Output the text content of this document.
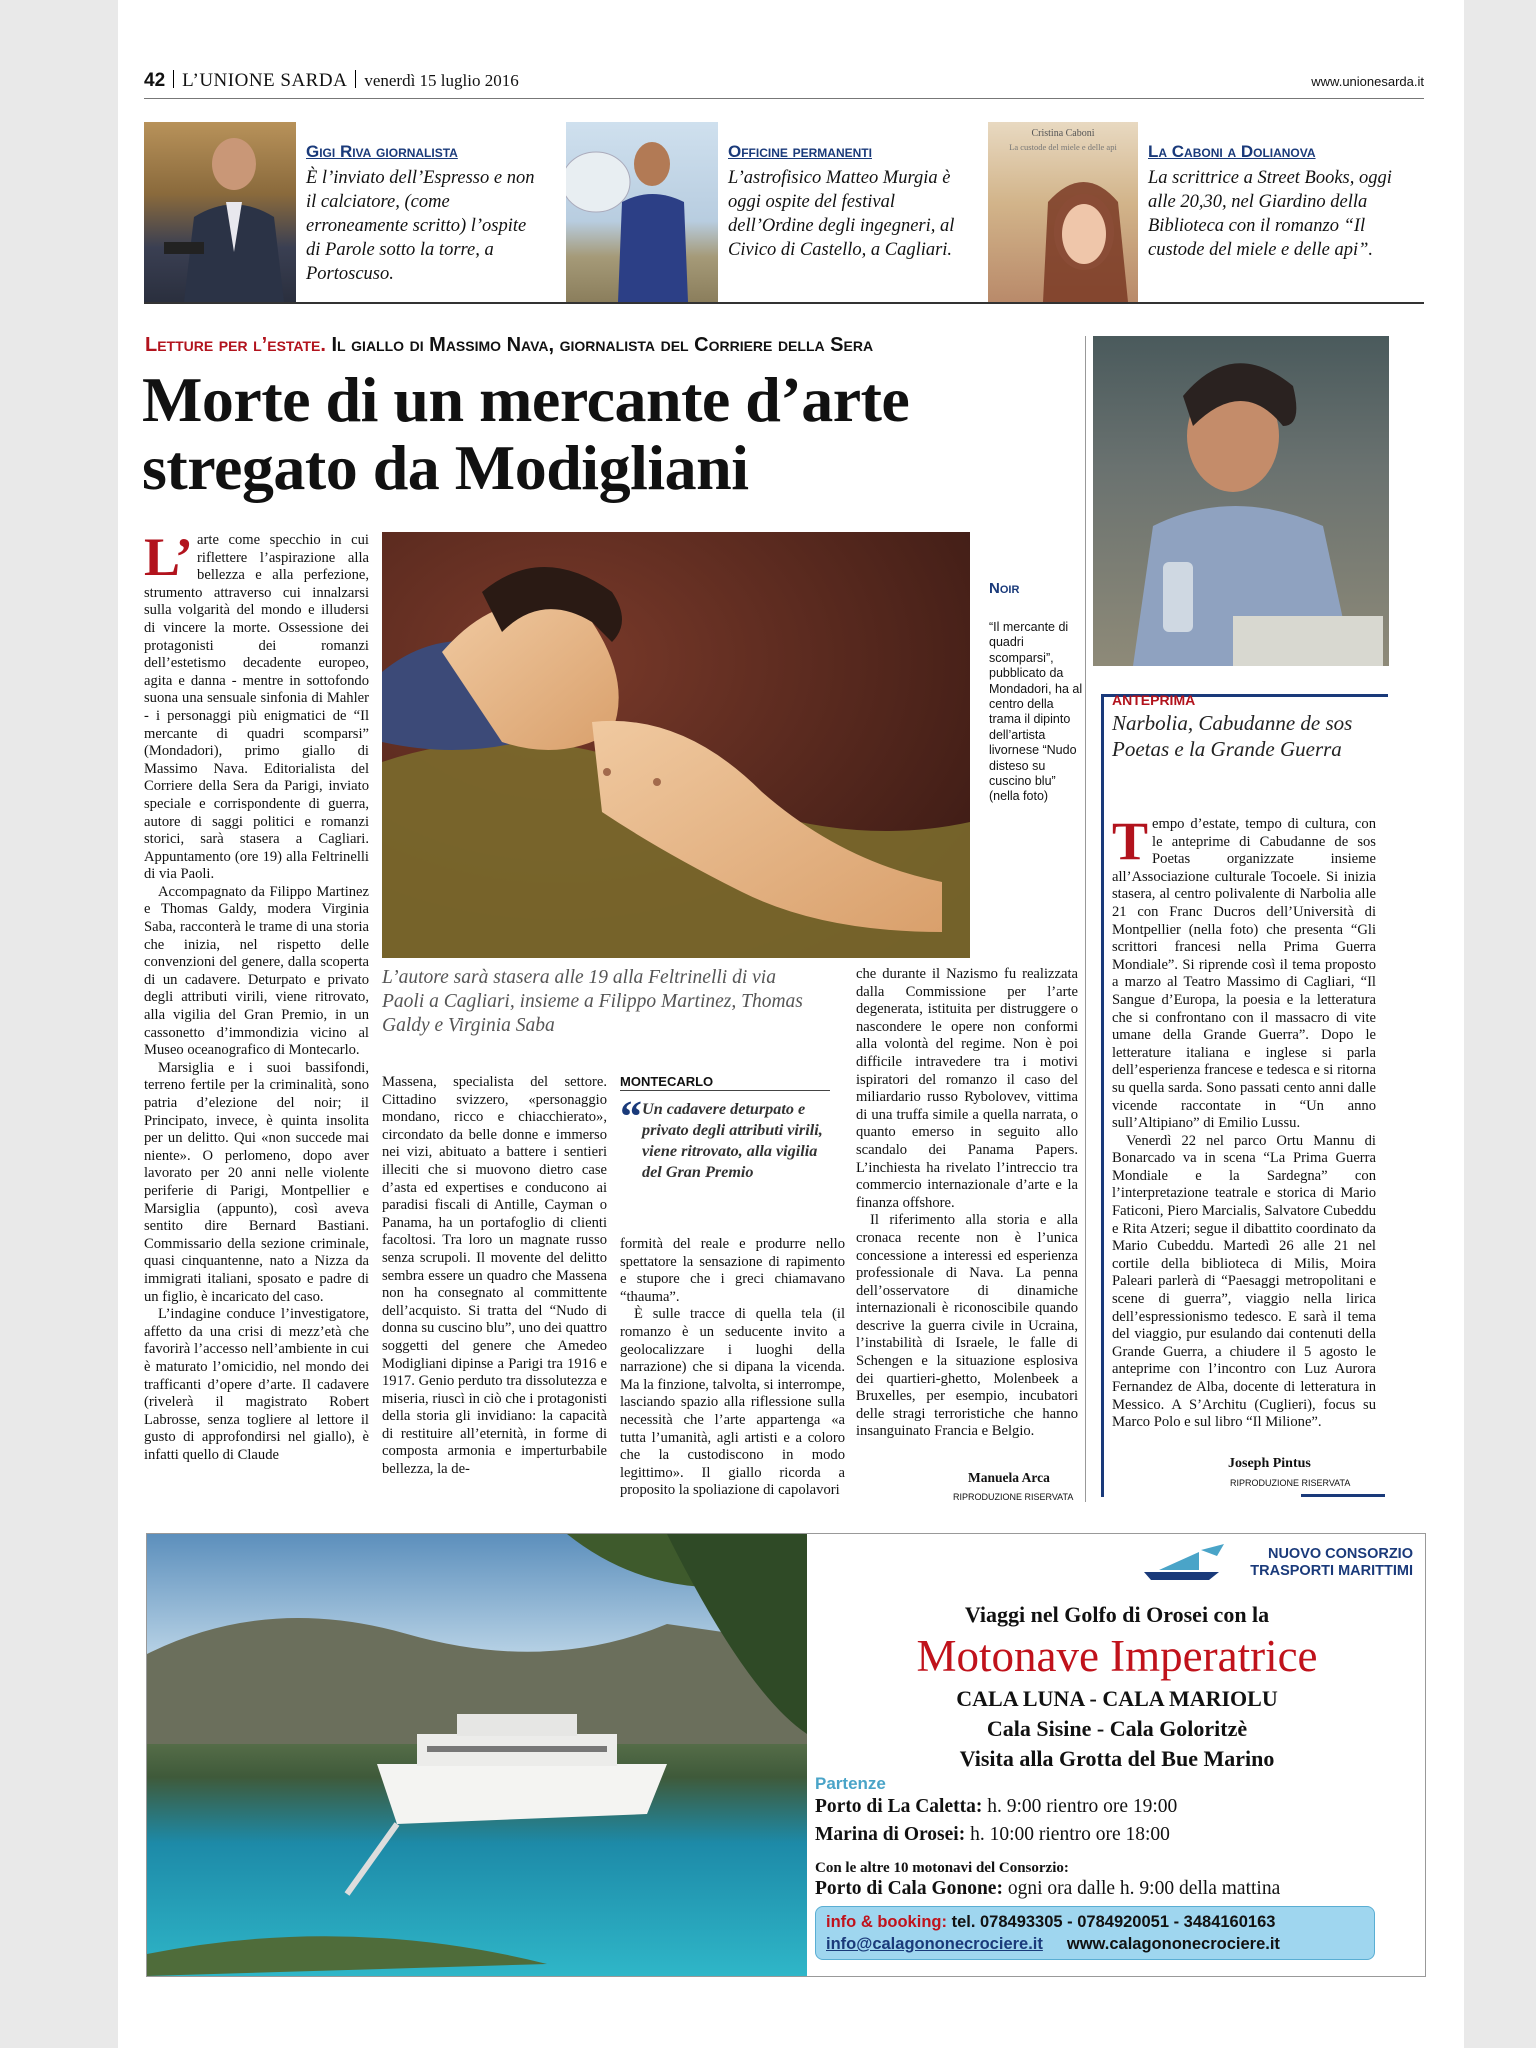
42 L’UNIONE SARDA venerdì 15 luglio 2016	www.unionesarda.it
Gigi Riva giornalista
È l’inviato dell’Espresso e non il calciatore, (come erroneamente scritto) l’ospite di Parole sotto la torre, a Portoscuso.
Officine permanenti
L’astrofisico Matteo Murgia è oggi ospite del festival dell’Ordine degli ingegneri, al Civico di Castello, a Cagliari.
Cristina Caboni
La custode del miele e delle api	La Caboni a Dolianova
La scrittrice a Street Books, oggi alle 20,30, nel Giardino della Biblioteca con il romanzo “Il custode del miele e delle api”.
Letture per l’estate. Il giallo di Massimo Nava, giornalista del Corriere della Sera
Morte di un mercante d’arte
stregato da Modigliani

L’ arte come specchio in cui riflettere l’aspirazione alla bellezza e alla perfezione, strumento attraverso cui innalzarsi sulla volgarità del mondo e illudersi di vincere la morte. Ossessione dei protagonisti dei romanzi dell’estetismo decadente europeo, agita e danna - mentre in sottofondo suona una sensuale sinfonia di Mahler - i personaggi più enigmatici de “Il mercante di quadri scomparsi” (Mondadori), primo giallo di Massimo Nava. Editorialista del Corriere della Sera da Parigi, inviato speciale e corrispondente di guerra, autore di saggi politici e romanzi storici, sarà stasera a Cagliari. Appuntamento (ore 19) alla Feltrinelli di via Paoli.

Accompagnato da Filippo Martinez e Thomas Galdy, modera Virginia Saba, racconterà le trame di una storia che inizia, nel rispetto delle convenzioni del genere, dalla scoperta di un cadavere. Deturpato e privato degli attributi virili, viene ritrovato, alla vigilia del Gran Premio, in un cassonetto d’immondizia vicino al Museo oceanografico di Montecarlo.

Marsiglia e i suoi bassifondi, terreno fertile per la criminalità, sono patria d’elezione del noir; il Principato, invece, è quinta insolita per un delitto. Qui «non succede mai niente». O perlomeno, dopo aver lavorato per 20 anni nelle violente periferie di Parigi, Montpellier e Marsiglia (appunto), così aveva sentito dire Bernard Bastiani. Commissario della sezione criminale, quasi cinquantenne, nato a Nizza da immigrati italiani, sposato e padre di un figlio, è incaricato del caso.

L’indagine conduce l’investigatore, affetto da una crisi di mezz’età che favorirà l’accesso nell’ambiente in cui è maturato l’omicidio, nel mondo dei trafficanti d’opere d’arte. Il cadavere (rivelerà il magistrato Robert Labrosse, senza togliere al lettore il gusto di approfondirsi nel giallo), è infatti quello di Claude

L’autore sarà stasera alle 19 alla Feltrinelli di via Paoli a Cagliari, insieme a Filippo Martinez, Thomas Galdy e Virginia Saba
Noir
“Il mercante di quadri scomparsi”, pubblicato da Mondadori, ha al centro della trama il dipinto dell’artista livornese “Nudo disteso su cuscino blu” (nella foto)

Massena, specialista del settore. Cittadino svizzero, «personaggio mondano, ricco e chiacchierato», circondato da belle donne e immerso nei vizi, abituato a battere i sentieri illeciti che si muovono dietro case d’asta ed expertises e conducono ai paradisi fiscali di Antille, Cayman o Panama, ha un portafoglio di clienti facoltosi. Tra loro un magnate russo senza scrupoli. Il movente del delitto sembra essere un quadro che Massena non ha consegnato al committente dell’acquisto. Si tratta del “Nudo di donna su cuscino blu”, uno dei quattro soggetti del genere che Amedeo Modigliani dipinse a Parigi tra 1916 e 1917. Genio perduto tra dissolutezza e miseria, riuscì in ciò che i protagonisti della storia gli invidiano: la capacità di restituire all’eternità, in forme di composta armonia e imperturbabile bellezza, la de-

MONTECARLO
“ Un cadavere deturpato e privato degli attributi virili, viene ritrovato, alla vigilia del Gran Premio

formità del reale e produrre nello spettatore la sensazione di rapimento e stupore che i greci chiamavano “thauma”.

È sulle tracce di quella tela (il romanzo è un seducente invito a geolocalizzare i luoghi della narrazione) che si dipana la vicenda. Ma la finzione, talvolta, si interrompe, lasciando spazio alla riflessione sulla necessità che l’arte appartenga «a tutta l’umanità, agli artisti e a coloro che la custodiscono in modo legittimo». Il giallo ricorda a proposito la spoliazione di capolavori

che durante il Nazismo fu realizzata dalla Commissione per l’arte degenerata, istituita per distruggere o nascondere le opere non conformi alla volontà del regime. Non è poi difficile intravedere tra i motivi ispiratori del romanzo il caso del miliardario russo Rybolovev, vittima di una truffa simile a quella narrata, o quanto emerso in seguito allo scandalo dei Panama Papers. L’inchiesta ha rivelato l’intreccio tra commercio internazionale d’arte e la finanza offshore.

Il riferimento alla storia e alla cronaca recente non è l’unica concessione a interessi ed esperienza professionale di Nava. La penna dell’osservatore di dinamiche internazionali è riconoscibile quando descrive la guerra civile in Ucraina, l’instabilità di Israele, le falle di Schengen e la situazione esplosiva dei quartieri-ghetto, Molenbeek a Bruxelles, per esempio, incubatori delle stragi terroristiche che hanno insanguinato Francia e Belgio.

Manuela Arca
RIPRODUZIONE RISERVATA
ANTEPRIMA
Narbolia, Cabudanne de sos Poetas e la Grande Guerra

Tempo d’estate, tempo di cultura, con le anteprime di Cabudanne de sos Poetas organizzate insieme all’Associazione culturale Tocoele. Si inizia stasera, al centro polivalente di Narbolia alle 21 con Franc Ducros dell’Università di Montpellier (nella foto) che presenta “Gli scrittori francesi nella Prima Guerra Mondiale”. Si riprende così il tema proposto a marzo al Teatro Massimo di Cagliari, “Il Sangue d’Europa, la poesia e la letteratura che si confrontano con il massacro di vite umane della Grande Guerra”. Dopo le letterature italiana e inglese si parla dell’esperienza francese e tedesca e si ritorna su quella sarda. Sono passati cento anni dalle vicende raccontate in “Un anno sull’Altipiano” di Emilio Lussu.

Venerdì 22 nel parco Ortu Mannu di Bonarcado va in scena “La Prima Guerra Mondiale e la Sardegna” con l’interpretazione teatrale e storica di Mario Faticoni, Piero Marcialis, Salvatore Cubeddu e Rita Atzeri; segue il dibattito coordinato da Mario Cubeddu. Martedì 26 alle 21 nel cortile della biblioteca di Milis, Moira Paleari parlerà di “Paesaggi metropolitani e scene di guerra”, viaggio nella lirica dell’espressionismo tedesco. E sarà il tema del viaggio, pur esulando dai contenuti della Grande Guerra, a chiudere il 5 agosto le anteprime con l’incontro con Luz Aurora Fernandez de Alba, docente di letteratura in Messico. A S’Architu (Cuglieri), focus su Marco Polo e sul libro “Il Milione”.

Joseph Pintus
RIPRODUZIONE RISERVATA
NUOVO CONSORZIO
TRASPORTI MARITTIMI
Viaggi nel Golfo di Orosei con la
Motonave Imperatrice
CALA LUNA - CALA MARIOLU
Cala Sisine - Cala Goloritzè
Visita alla Grotta del Bue Marino
Partenze
Porto di La Caletta: h. 9:00 rientro ore 19:00
Marina di Orosei: h. 10:00 rientro ore 18:00
Con le altre 10 motonavi del Consorzio:
Porto di Cala Gonone: ogni ora dalle h. 9:00 della mattina
info & booking: tel. 078493305 - 0784920051 - 3484160163
info@calagononecrociere.it www.calagononecrociere.it
